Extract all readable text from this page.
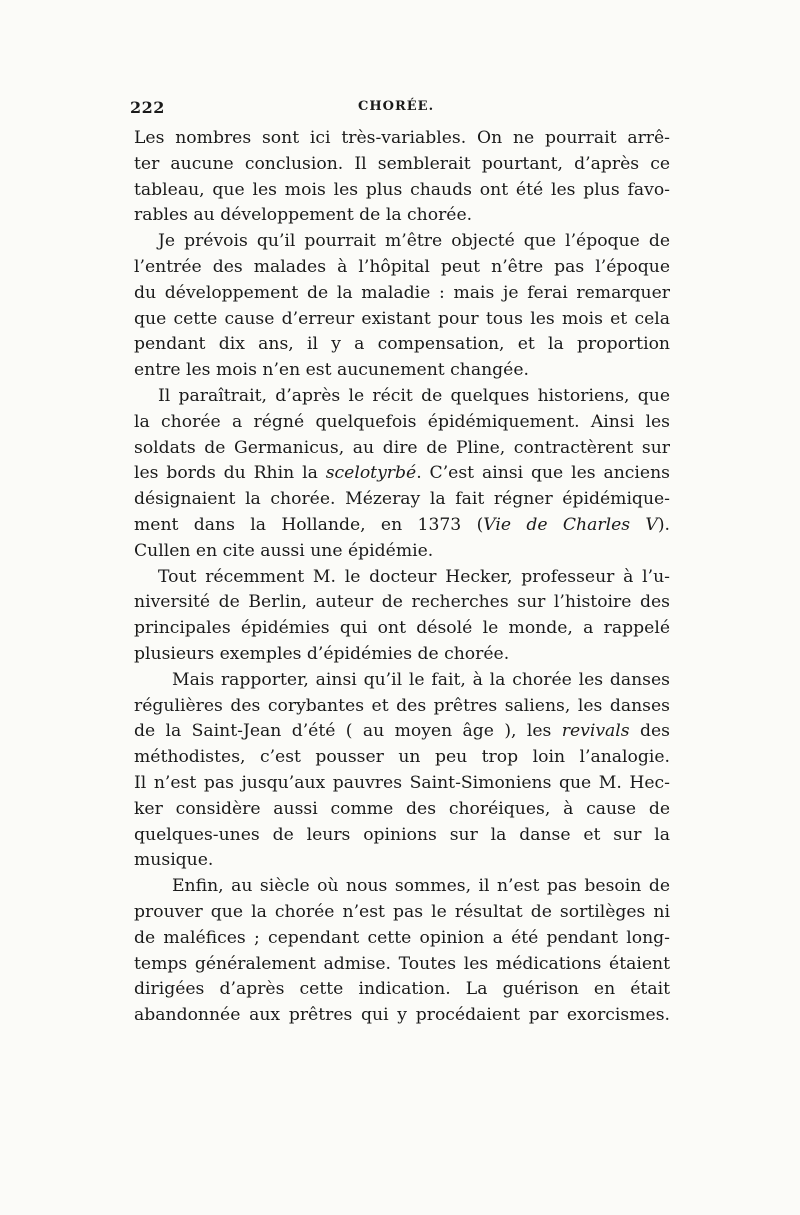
222	CHORÉE.
Les nombres sont ici très-variables. On ne pourrait arrê-
ter aucune conclusion. Il semblerait pourtant, d’après ce
tableau, que les mois les plus chauds ont été les plus favo-
rables au développement de la chorée.
Je prévois qu’il pourrait m’être objecté que l’époque de
l’entrée des malades à l’hôpital peut n’être pas l’époque
du développement de la maladie : mais je ferai remarquer
que cette cause d’erreur existant pour tous les mois et cela
pendant dix ans, il y a compensation, et la proportion
entre les mois n’en est aucunement changée.
Il paraîtrait, d’après le récit de quelques historiens, que
la chorée a régné quelquefois épidémiquement. Ainsi les
soldats de Germanicus, au dire de Pline, contractèrent sur
les bords du Rhin la scelotyrbé. C’est ainsi que les anciens
désignaient la chorée. Mézeray la fait régner épidémique-
ment dans la Hollande, en 1373 (Vie de Charles V).
Cullen en cite aussi une épidémie.
Tout récemment M. le docteur Hecker, professeur à l’u-
niversité de Berlin, auteur de recherches sur l’histoire des
principales épidémies qui ont désolé le monde, a rappelé
plusieurs exemples d’épidémies de chorée.
Mais rapporter, ainsi qu’il le fait, à la chorée les danses
régulières des corybantes et des prêtres saliens, les danses
de la Saint-Jean d’été ( au moyen âge ), les revivals des
méthodistes, c’est pousser un peu trop loin l’analogie.
Il n’est pas jusqu’aux pauvres Saint-Simoniens que M. Hec-
ker considère aussi comme des choréiques, à cause de
quelques-unes de leurs opinions sur la danse et sur la
musique.
Enfin, au siècle où nous sommes, il n’est pas besoin de
prouver que la chorée n’est pas le résultat de sortilèges ni
de maléfices ; cependant cette opinion a été pendant long-
temps généralement admise. Toutes les médications étaient
dirigées d’après cette indication. La guérison en était
abandonnée aux prêtres qui y procédaient par exorcismes.
